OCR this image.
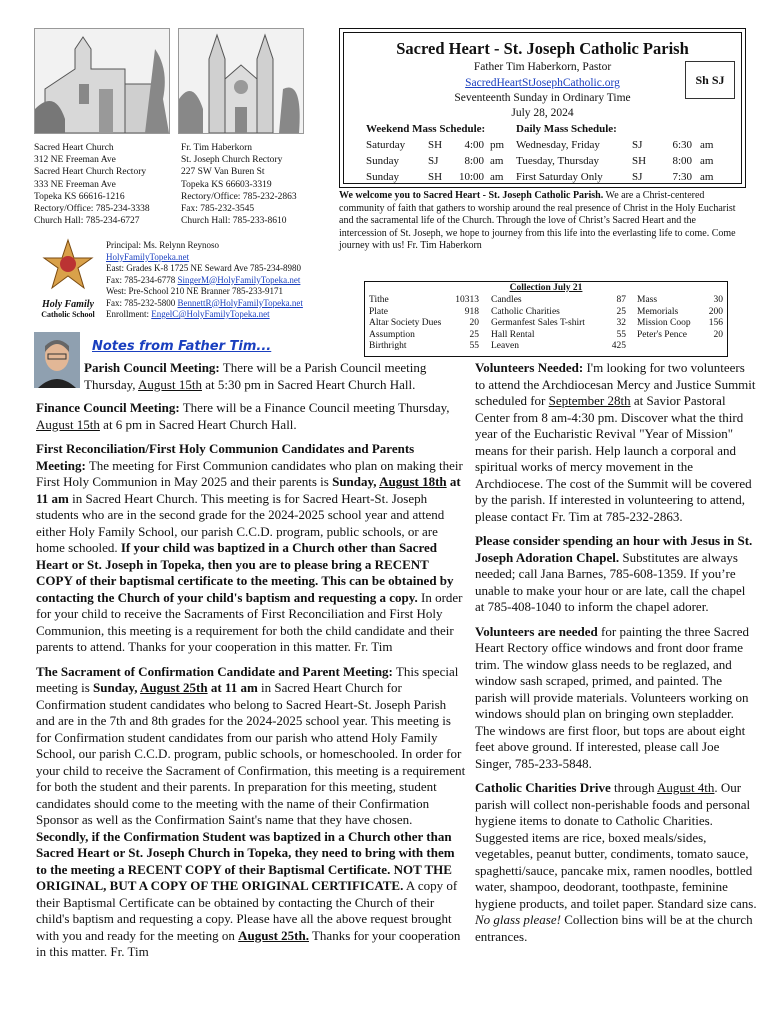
Sacred Heart Church
312 NE Freeman Ave
Sacred Heart Church Rectory
333 NE Freeman Ave
Topeka KS 66616-1216
Rectory/Office: 785-234-3338
Church Hall: 785-234-6727
Fr. Tim Haberkorn
St. Joseph Church Rectory
227 SW Van Buren St
Topeka KS 66603-3319
Rectory/Office: 785-232-2863
Fax: 785-232-3545
Church Hall: 785-233-8610
Sacred Heart - St. Joseph Catholic Parish
Father Tim Haberkorn, Pastor
SacredHeartStJosephCatholic.org
Seventeenth Sunday in Ordinary Time
July 28, 2024
Sh SJ
Weekend Mass Schedule:	Daily Mass Schedule:
Saturday
Sunday
Sunday
SH
SJ
SH
4:00
8:00
10:00
pm
am
am
Wednesday, Friday
Tuesday, Thursday
First Saturday Only
SJ
SH
SJ
6:30
8:00
7:30
am
am
am
We welcome you to Sacred Heart - St. Joseph Catholic Parish. We are a Christ-centered community of faith that gathers to worship around the real presence of Christ in the Holy Eucharist and the sacramental life of the Church. Through the love of Christ’s Sacred Heart and the intercession of St. Joseph, we hope to journey from this life into the everlasting life to come. Come journey with us! Fr. Tim Haberkorn
Holy Family
Catholic School
Principal: Ms. Relynn Reynoso
HolyFamilyTopeka.net
East: Grades K-8 1725 NE Seward Ave 785-234-8980
Fax: 785-234-6778 SingerM@HolyFamilyTopeka.net
West: Pre-School 210 NE Branner 785-233-9171
Fax: 785-232-5800 BennettR@HolyFamilyTopeka.net
Enrollment: EngelC@HolyFamilyTopeka.net
Collection July 21
Tithe
Plate
Altar Society Dues
Assumption
Birthright
10313
918
20
25
55
Candles
Catholic Charities
Germanfest Sales T-shirt
Hall Rental
Leaven
87
25
32
55
425
Mass
Memorials
Mission Coop
Peter's Pence
30
200
156
20
Notes from Father Tim...

Parish Council Meeting: There will be a Parish Council meeting Thursday, August 15th at 5:30 pm in Sacred Heart Church Hall.

Finance Council Meeting: There will be a Finance Council meeting Thursday, August 15th at 6 pm in Sacred Heart Church Hall.

First Reconciliation/First Holy Communion Candidates and Parents Meeting: The meeting for First Communion candidates who plan on making their First Holy Communion in May 2025 and their parents is Sunday, August 18th at 11 am in Sacred Heart Church. This meeting is for Sacred Heart-St. Joseph students who are in the second grade for the 2024-2025 school year and attend either Holy Family School, our parish C.C.D. program, public schools, or are home schooled. If your child was baptized in a Church other than Sacred Heart or St. Joseph in Topeka, then you are to please bring a RECENT COPY of their baptismal certificate to the meeting. This can be obtained by contacting the Church of your child's baptism and requesting a copy. In order for your child to receive the Sacraments of First Reconciliation and First Holy Communion, this meeting is a requirement for both the child candidate and their parents to attend. Thanks for your cooperation in this matter. Fr. Tim

The Sacrament of Confirmation Candidate and Parent Meeting: This special meeting is Sunday, August 25th at 11 am in Sacred Heart Church for Confirmation student candidates who belong to Sacred Heart-St. Joseph Parish and are in the 7th and 8th grades for the 2024-2025 school year. This meeting is for Confirmation student candidates from our parish who attend Holy Family School, our parish C.C.D. program, public schools, or homeschooled. In order for your child to receive the Sacrament of Confirmation, this meeting is a requirement for both the student and their parents. In preparation for this meeting, student candidates should come to the meeting with the name of their Confirmation Sponsor as well as the Confirmation Saint's name that they have chosen. Secondly, if the Confirmation Student was baptized in a Church other than Sacred Heart or St. Joseph Church in Topeka, they need to bring with them to the meeting a RECENT COPY of their Baptismal Certificate. NOT THE ORIGINAL, BUT A COPY OF THE ORIGINAL CERTIFICATE. A copy of their Baptismal Certificate can be obtained by contacting the Church of their child's baptism and requesting a copy. Please have all the above request brought with you and ready for the meeting on August 25th. Thanks for your cooperation in this matter. Fr. Tim

Volunteers Needed: I'm looking for two volunteers to attend the Archdiocesan Mercy and Justice Summit scheduled for September 28th at Savior Pastoral Center from 8 am-4:30 pm. Discover what the third year of the Eucharistic Revival "Year of Mission" means for their parish. Help launch a corporal and spiritual works of mercy movement in the Archdiocese. The cost of the Summit will be covered by the parish. If interested in volunteering to attend, please contact Fr. Tim at 785-232-2863.

Please consider spending an hour with Jesus in St. Joseph Adoration Chapel. Substitutes are always needed; call Jana Barnes, 785-608-1359. If you’re unable to make your hour or are late, call the chapel at 785-408-1040 to inform the chapel adorer.

Volunteers are needed for painting the three Sacred Heart Rectory office windows and front door frame trim. The window glass needs to be reglazed, and window sash scraped, primed, and painted. The parish will provide materials. Volunteers working on windows should plan on bringing own stepladder. The windows are first floor, but tops are about eight feet above ground. If interested, please call Joe Singer, 785-233-5848.

Catholic Charities Drive through August 4th. Our parish will collect non-perishable foods and personal hygiene items to donate to Catholic Charities. Suggested items are rice, boxed meals/sides, vegetables, peanut butter, condiments, tomato sauce, spaghetti/sauce, pancake mix, ramen noodles, bottled water, shampoo, deodorant, toothpaste, feminine hygiene products, and toilet paper. Standard size cans. No glass please! Collection bins will be at the church entrances.
